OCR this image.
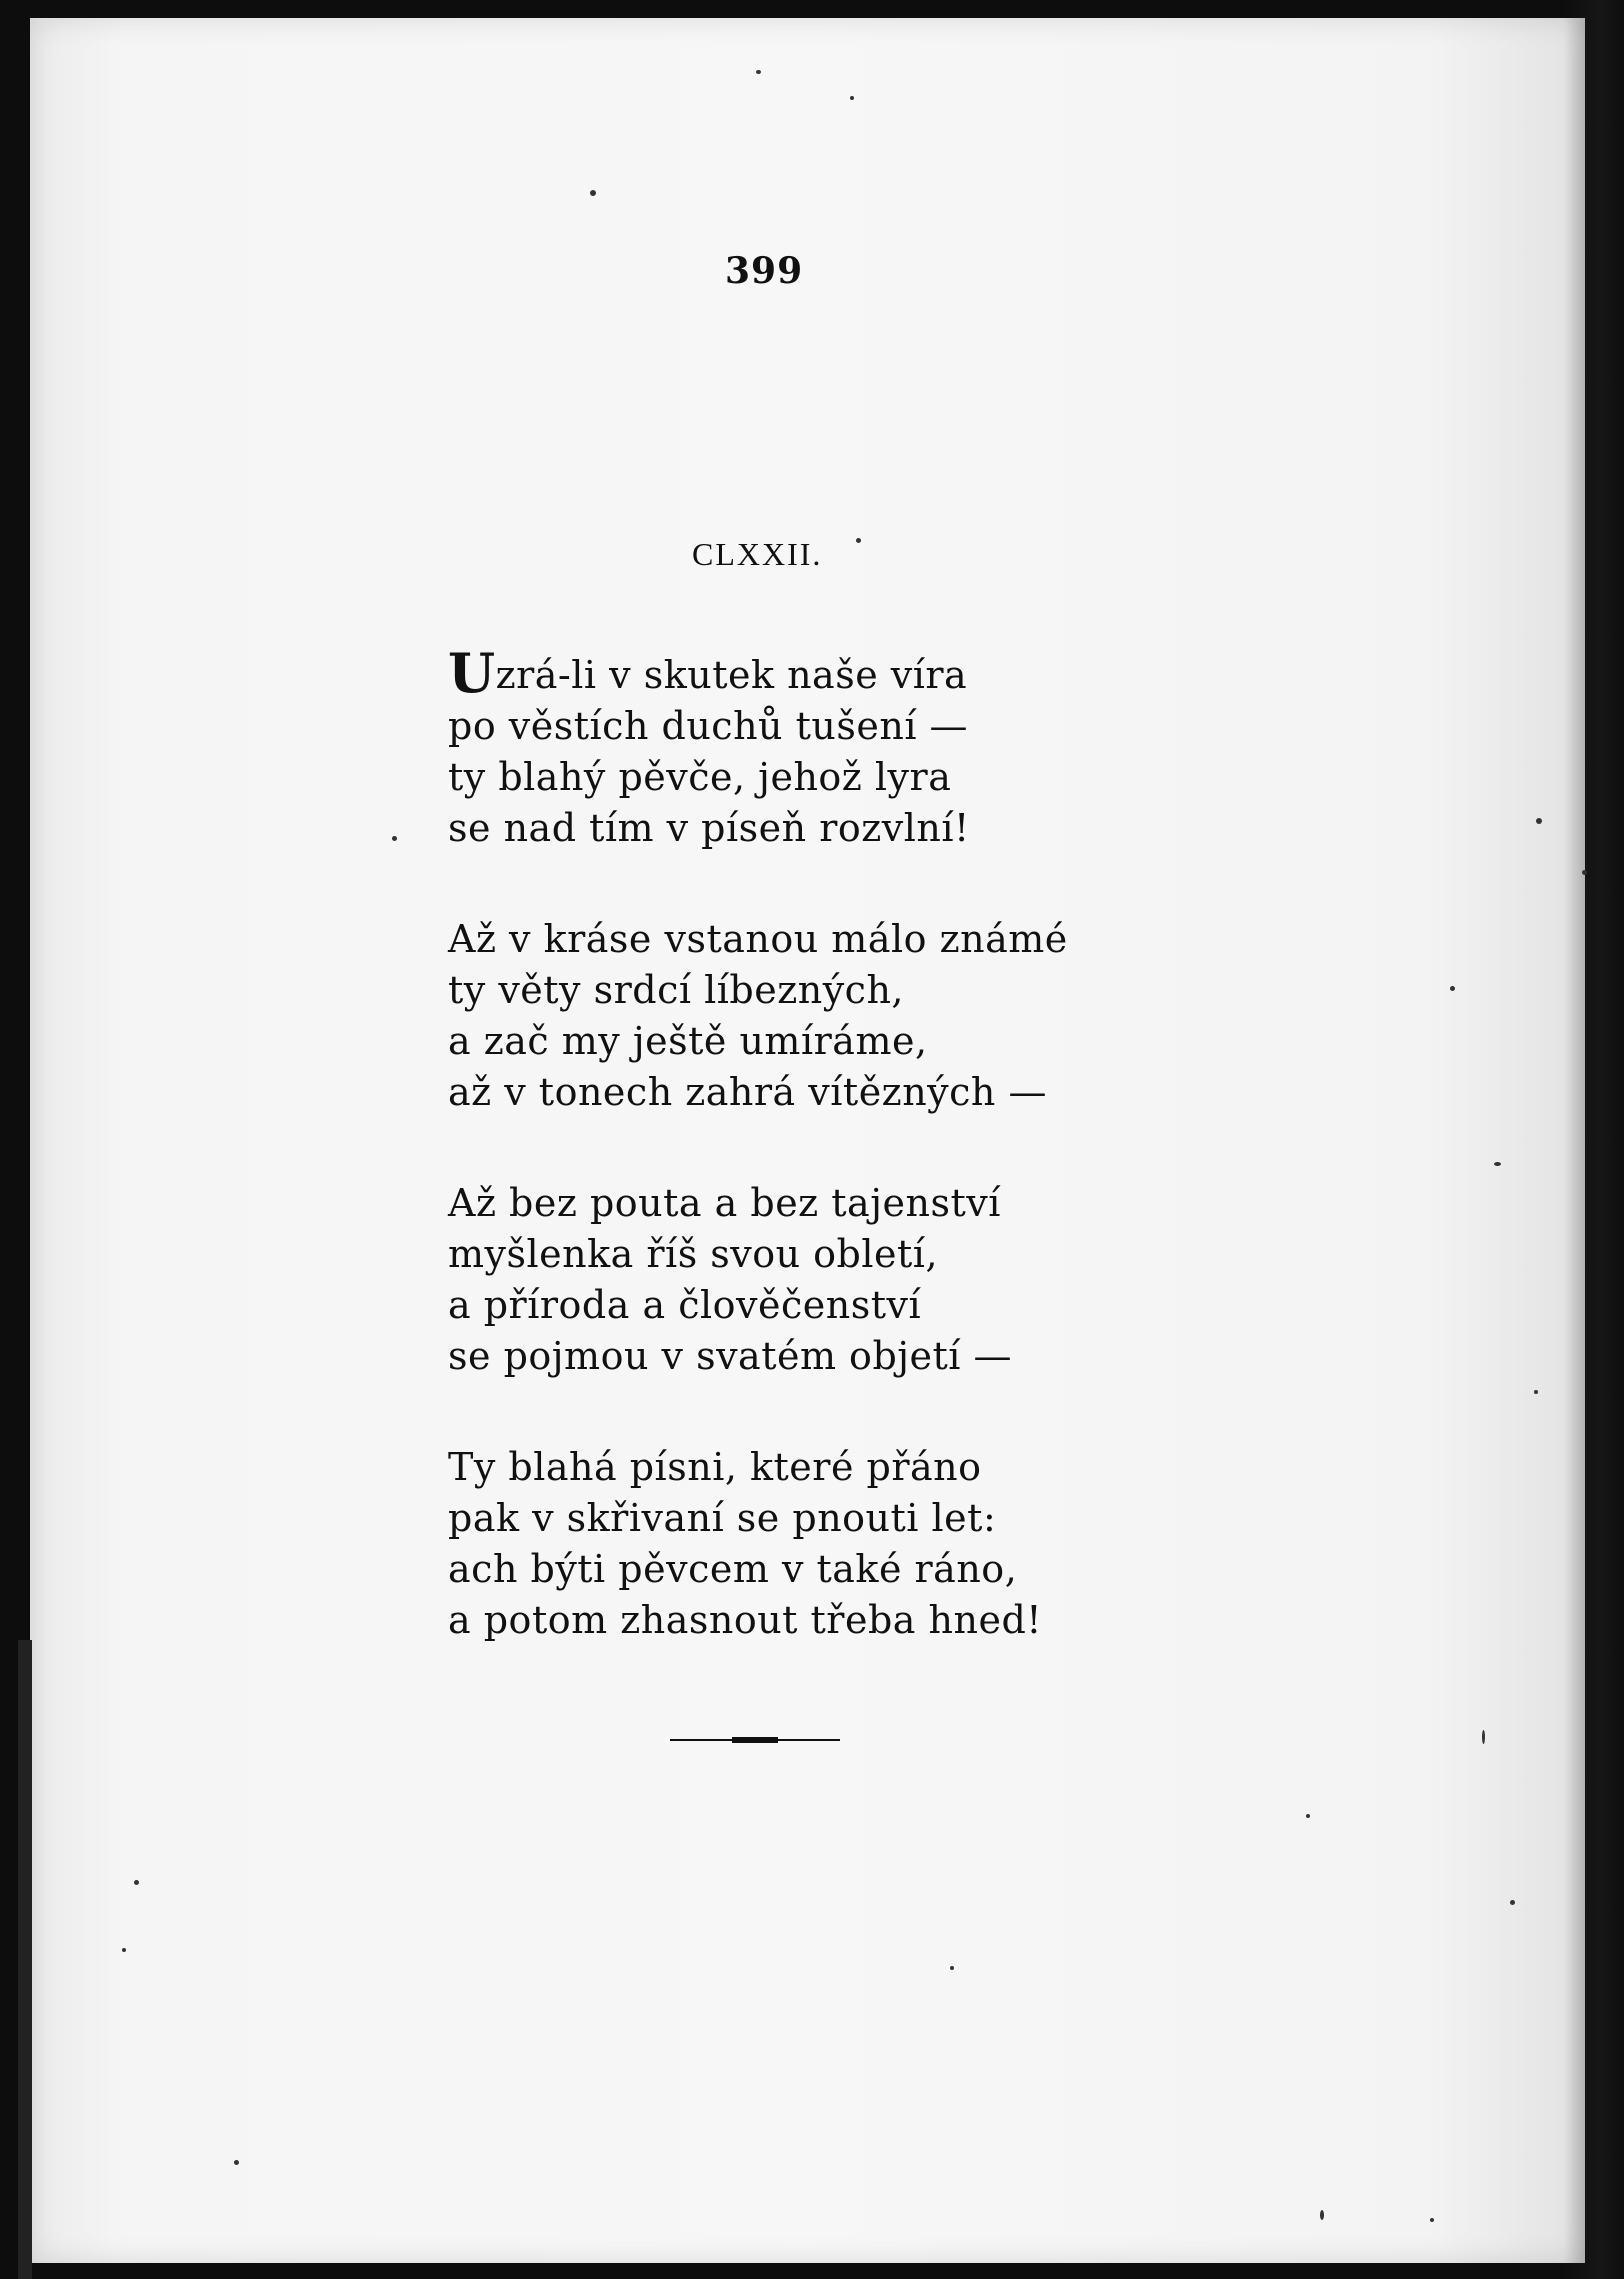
399
CLXXII.
Uzrá-li v skutek naše víra
po věstích duchů tušení —
ty blahý pěvče, jehož lyra
se nad tím v píseň rozvlní!
Až v kráse vstanou málo známé
ty věty srdcí líbezných,
a zač my ještě umíráme,
až v tonech zahrá vítězných —
Až bez pouta a bez tajenství
myšlenka říš svou obletí,
a příroda a člověčenství
se pojmou v svatém objetí —
Ty blahá písni, které přáno
pak v skřivaní se pnouti let:
ach býti pěvcem v také ráno,
a potom zhasnout třeba hned!
